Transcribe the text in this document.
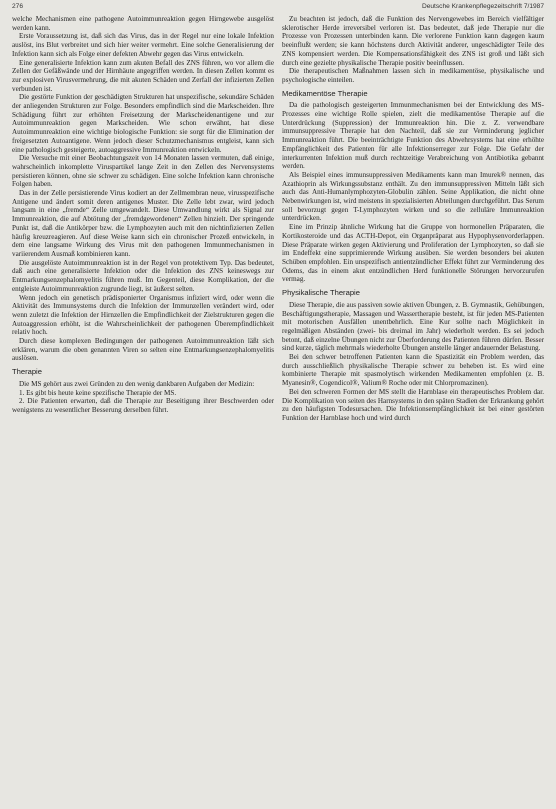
276	Deutsche Krankenpflegezeitschrift 7/1987

welche Mechanismen eine pathogene Autoimmunreaktion gegen Hirngewebe ausgelöst werden kann.

Erste Voraussetzung ist, daß sich das Virus, das in der Regel nur eine lokale Infektion auslöst, ins Blut verbreitet und sich hier weiter vermehrt. Eine solche Generalisierung der Infektion kann sich als Folge einer defekten Abwehr gegen das Virus entwickeln.

Eine generalisierte Infektion kann zum akuten Befall des ZNS führen, wo vor allem die Zellen der Gefäßwände und der Hirnhäute angegriffen werden. In diesen Zellen kommt es zur explosiven Virusvermehrung, die mit akuten Schäden und Zerfall der infizierten Zellen verbunden ist.

Die gestörte Funktion der geschädigten Strukturen hat unspezifische, sekundäre Schäden der anliegenden Strukturen zur Folge. Besonders empfindlich sind die Markscheiden. Ihre Schädigung führt zur erhöhten Freisetzung der Markscheidenantigene und zur Autoimmunreaktion gegen Markscheiden. Wie schon erwähnt, hat diese Autoimmunreaktion eine wichtige biologische Funktion: sie sorgt für die Elimination der freigesetzten Autoantigene. Wenn jedoch dieser Schutzmechanismus entgleist, kann sich eine pathologisch gesteigerte, autoaggressive Immunreaktion entwickeln.

Die Versuche mit einer Beobachtungszeit von 14 Monaten lassen vermuten, daß einige, wahrscheinlich inkomplette Viruspartikel lange Zeit in den Zellen des Nervensystems persistieren können, ohne sie schwer zu schädigen. Eine solche Infektion kann chronische Folgen haben.

Das in der Zelle persistierende Virus kodiert an der Zellmembran neue, virusspezifische Antigene und ändert somit deren antigenes Muster. Die Zelle lebt zwar, wird jedoch langsam in eine „fremde“ Zelle umgewandelt. Diese Umwandlung wirkt als Signal zur Immunreaktion, die auf Abtötung der „fremdgewordenen“ Zellen hinzielt. Der springende Punkt ist, daß die Antikörper bzw. die Lymphozyten auch mit den nichtinfizierten Zellen häufig kreuzreagieren. Auf diese Weise kann sich ein chronischer Prozeß entwickeln, in dem eine langsame Wirkung des Virus mit den pathogenen Immunmechanismen in variierendem Ausmaß kombinieren kann.

Die ausgelöste Autoimmunreaktion ist in der Regel von protektivem Typ. Das bedeutet, daß auch eine generalisierte Infektion oder die Infektion des ZNS keineswegs zur Entmarkungsenzephalomyelitis führen muß. Im Gegenteil, diese Komplikation, der die entgleiste Autoimmunreaktion zugrunde liegt, ist äußerst selten.

Wenn jedoch ein genetisch prädisponierter Organismus infiziert wird, oder wenn die Aktivität des Immunsystems durch die Infektion der Immunzellen verändert wird, oder wenn zuletzt die Infektion der Hirnzellen die Empfindlichkeit der Zielstrukturen gegen die Autoaggression erhöht, ist die Wahrscheinlichkeit der pathogenen Überempfindlichkeit relativ hoch.

Durch diese komplexen Bedingungen der pathogenen Autoimmunreaktion läßt sich erklären, warum die oben genannten Viren so selten eine Entmarkungsenzephalomyelitis auslösen.

Therapie

Die MS gehört aus zwei Gründen zu den wenig dankbaren Aufgaben der Medizin:

1. Es gibt bis heute keine spezifische Therapie der MS.

2. Die Patienten erwarten, daß die Therapie zur Beseitigung ihrer Beschwerden oder wenigstens zu wesentlicher Besserung derselben führt.

Zu beachten ist jedoch, daß die Funktion des Nervengewebes im Bereich vielfältiger sklerotischer Herde irreversibel verloren ist. Das bedeutet, daß jede Therapie nur die Prozesse von Prozessen unterbinden kann. Die verlorene Funktion kann dagegen kaum beeinflußt werden; sie kann höchstens durch Aktivität anderer, ungeschädigter Teile des ZNS kompensiert werden. Die Kompensationsfähigkeit des ZNS ist groß und läßt sich durch eine gezielte physikalische Therapie positiv beeinflussen.

Die therapeutischen Maßnahmen lassen sich in medikamentöse, physikalische und psychologische einteilen.

Medikamentöse Therapie

Da die pathologisch gesteigerten Immunmechanismen bei der Entwicklung des MS-Prozesses eine wichtige Rolle spielen, zielt die medikamentöse Therapie auf die Unterdrückung (Suppression) der Immunreaktion hin. Die z. Z. verwendbare immunsuppressive Therapie hat den Nachteil, daß sie zur Verminderung jeglicher Immunreaktion führt. Die beeinträchtigte Funktion des Abwehrsystems hat eine erhöhte Empfänglichkeit des Patienten für alle Infektionserreger zur Folge. Die Gefahr der interkurrenten Infektion muß durch rechtzeitige Verabreichung von Antibiotika gebannt werden.

Als Beispiel eines immunsuppressiven Medikaments kann man Imurek® nennen, das Azathioprin als Wirkungssubstanz enthält. Zu den immunsuppressiven Mitteln läßt sich auch das Anti-Humanlymphozyten-Globulin zählen. Seine Applikation, die nicht ohne Nebenwirkungen ist, wird meistens in spezialisierten Abteilungen durchgeführt. Das Serum soll bevorzugt gegen T-Lymphozyten wirken und so die zelluläre Immunreaktion unterdrücken.

Eine im Prinzip ähnliche Wirkung hat die Gruppe von hormonellen Präparaten, die Kortikosteroide und das ACTH-Depot, ein Organpräparat aus Hypophysenvorderlappen. Diese Präparate wirken gegen Aktivierung und Proliferation der Lymphozyten, so daß sie im Endeffekt eine supprimierende Wirkung ausüben. Sie werden besonders bei akuten Schüben empfohlen. Ein unspezifisch antientzündlicher Effekt führt zur Verminderung des Ödems, das in einem akut entzündlichen Herd funktionelle Störungen hervorzurufen vermag.

Physikalische Therapie

Diese Therapie, die aus passiven sowie aktiven Übungen, z. B. Gymnastik, Gehübungen, Beschäftigungstherapie, Massagen und Wassertherapie besteht, ist für jeden MS-Patienten mit motorischen Ausfällen unentbehrlich. Eine Kur sollte nach Möglichkeit in regelmäßigen Abständen (zwei- bis dreimal im Jahr) wiederholt werden. Es sei jedoch betont, daß einzelne Übungen nicht zur Überforderung des Patienten führen dürfen. Besser sind kurze, täglich mehrmals wiederholte Übungen anstelle länger andauernder Belastung.

Bei den schwer betroffenen Patienten kann die Spastizität ein Problem werden, das durch ausschließlich physikalische Therapie schwer zu beheben ist. Es wird eine kombinierte Therapie mit spasmolytisch wirkenden Medikamenten empfohlen (z. B. Myanesin®, Cogendicol®, Valium® Roche oder mit Chlorpromazinen).

Bei den schweren Formen der MS stellt die Harnblase ein therapeutisches Problem dar. Die Komplikation von seiten des Harnsystems in den späten Stadien der Erkrankung gehört zu den häufigsten Todesursachen. Die Infektionsempfänglichkeit ist bei einer gestörten Funktion der Harnblase hoch und wird durch
